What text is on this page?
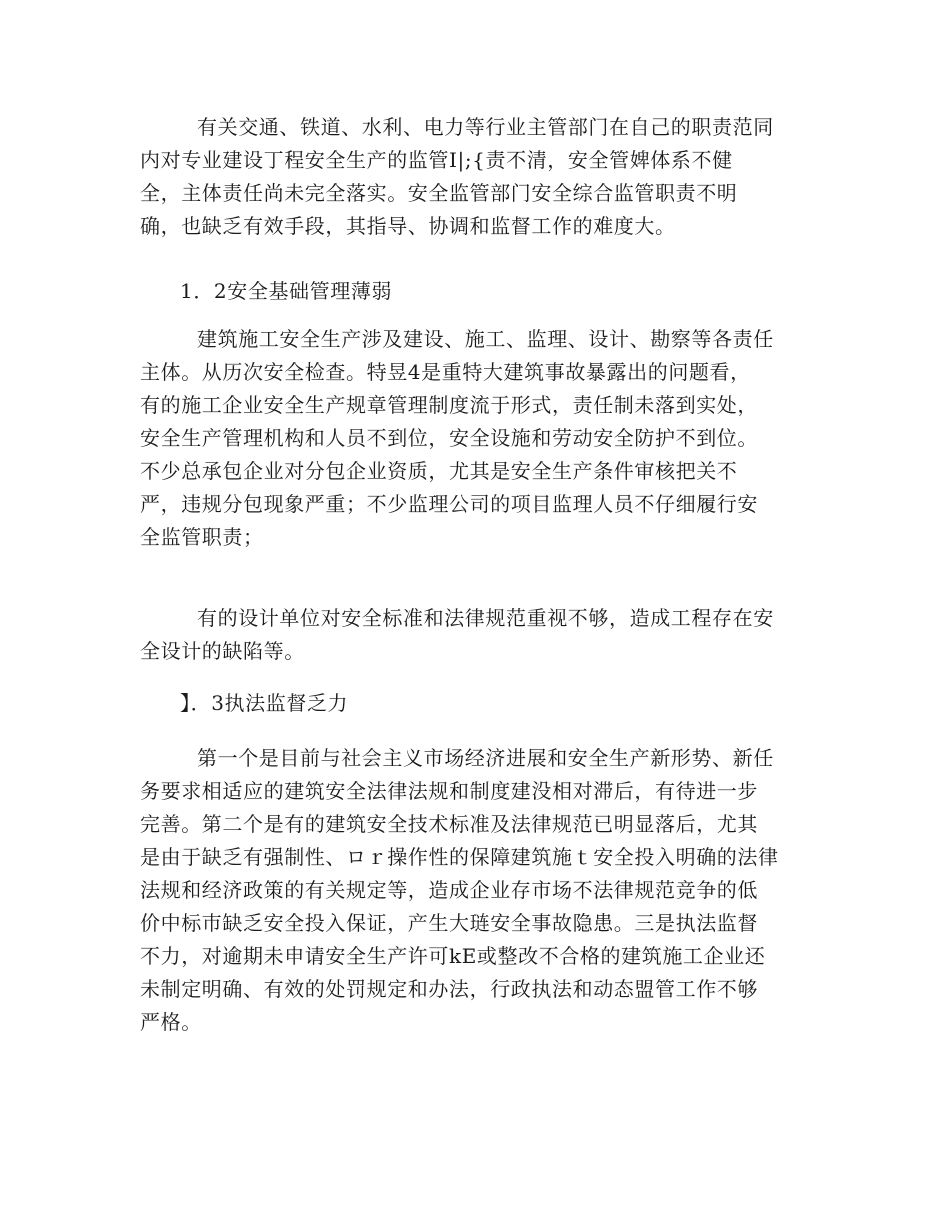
有关交通、铁道、水利、电力等行业主管部门在自己的职责范同
内对专业建设丁程安全生产的监管I|;{责不清，安全管婢体系不健
全，主体责任尚未完全落实。安全监管部门安全综合监管职责不明
确，也缺乏有效手段，其指导、协调和监督工作的难度大。

1．2安全基础管理薄弱

建筑施工安全生产涉及建设、施工、监理、设计、勘察等各责任
主体。从历次安全检查。特昱4是重特大建筑事故暴露出的问题看，
有的施工企业安全生产规章管理制度流于形式，责任制未落到实处，
安全生产管理机构和人员不到位，安全设施和劳动安全防护不到位。
不少总承包企业对分包企业资质，尤其是安全生产条件审核把关不
严，违规分包现象严重；不少监理公司的项目监理人员不仔细履行安
全监管职责；

有的设计单位对安全标准和法律规范重视不够，造成工程存在安
全设计的缺陷等。

】．3执法监督乏力

第一个是目前与社会主义市场经济进展和安全生产新形势、新任
务要求相适应的建筑安全法律法规和制度建没相对滞后，有待进一步
完善。第二个是有的建筑安全技术标准及法律规范已明显落后，尤其
是由于缺乏有强制性、ロｒ操作性的保障建筑施ｔ安全投入明确的法律
法规和经济政策的有关规定等，造成企业存市场不法律规范竞争的低
价中标巿缺乏安全投入保证，产生大琏安全事故隐患。三是执法监督
不力，对逾期未申请安全生产许可kE或整改不合格的建筑施工企业还
未制定明确、有效的处罚规定和办法，行政执法和动态盟管工作不够
严格。
